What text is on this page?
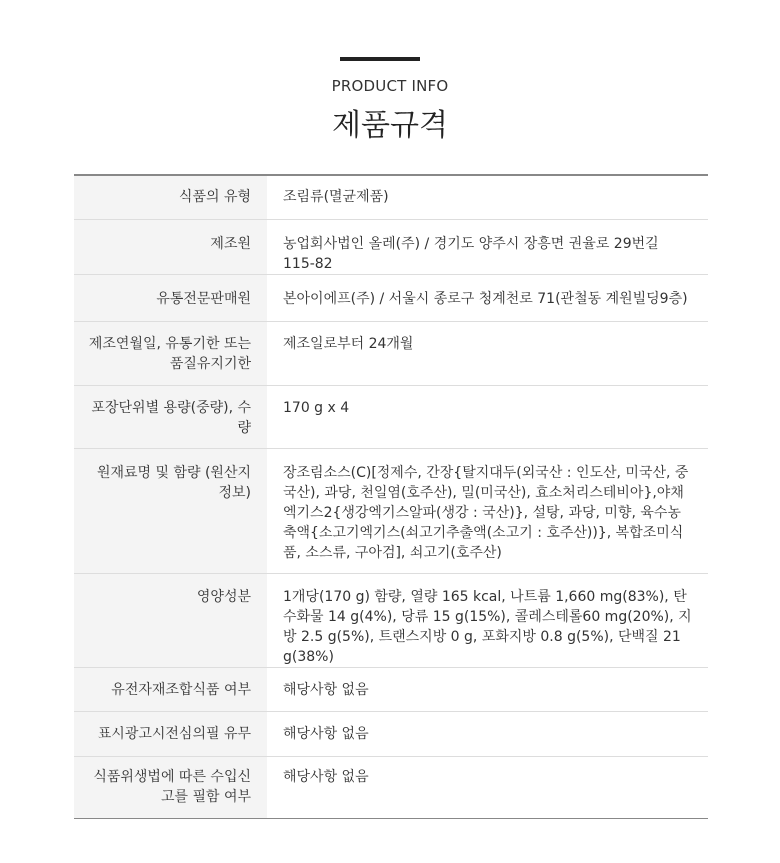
PRODUCT INFO
제품규격
식품의 유형	조림류(멸균제품)

제조원	농업회사법인 올레(주) / 경기도 양주시 장흥면 권율로 29번길 115-82

유통전문판매원	본아이에프(주) / 서울시 종로구 청계천로 71(관철동 계원빌딩9층)

제조연월일, 유통기한 또는 품질유지기한	제조일로부터 24개월

포장단위별 용량(중량), 수량	170 g x 4

원재료명 및 함량 (원산지 정보)	장조림소스(C)[정제수, 간장{탈지대두(외국산 : 인도산, 미국산, 중국산), 과당, 천일염(호주산), 밀(미국산), 효소처리스테비아},야채엑기스2{생강엑기스알파(생강 : 국산)}, 설탕, 과당, 미향, 육수농축액{소고기엑기스(쇠고기추출액(소고기 : 호주산))}, 복합조미식품, 소스류, 구아검], 쇠고기(호주산)

영양성분	1개당(170 g) 함량, 열량 165 kcal, 나트륨 1,660 mg(83%), 탄수화물 14 g(4%), 당류 15 g(15%), 콜레스테롤60 mg(20%), 지방 2.5 g(5%), 트랜스지방 0 g, 포화지방 0.8 g(5%), 단백질 21 g(38%)

유전자재조합식품 여부	해당사항 없음

표시광고시전심의필 유무	해당사항 없음

식품위생법에 따른 수입신고를 필함 여부	해당사항 없음
